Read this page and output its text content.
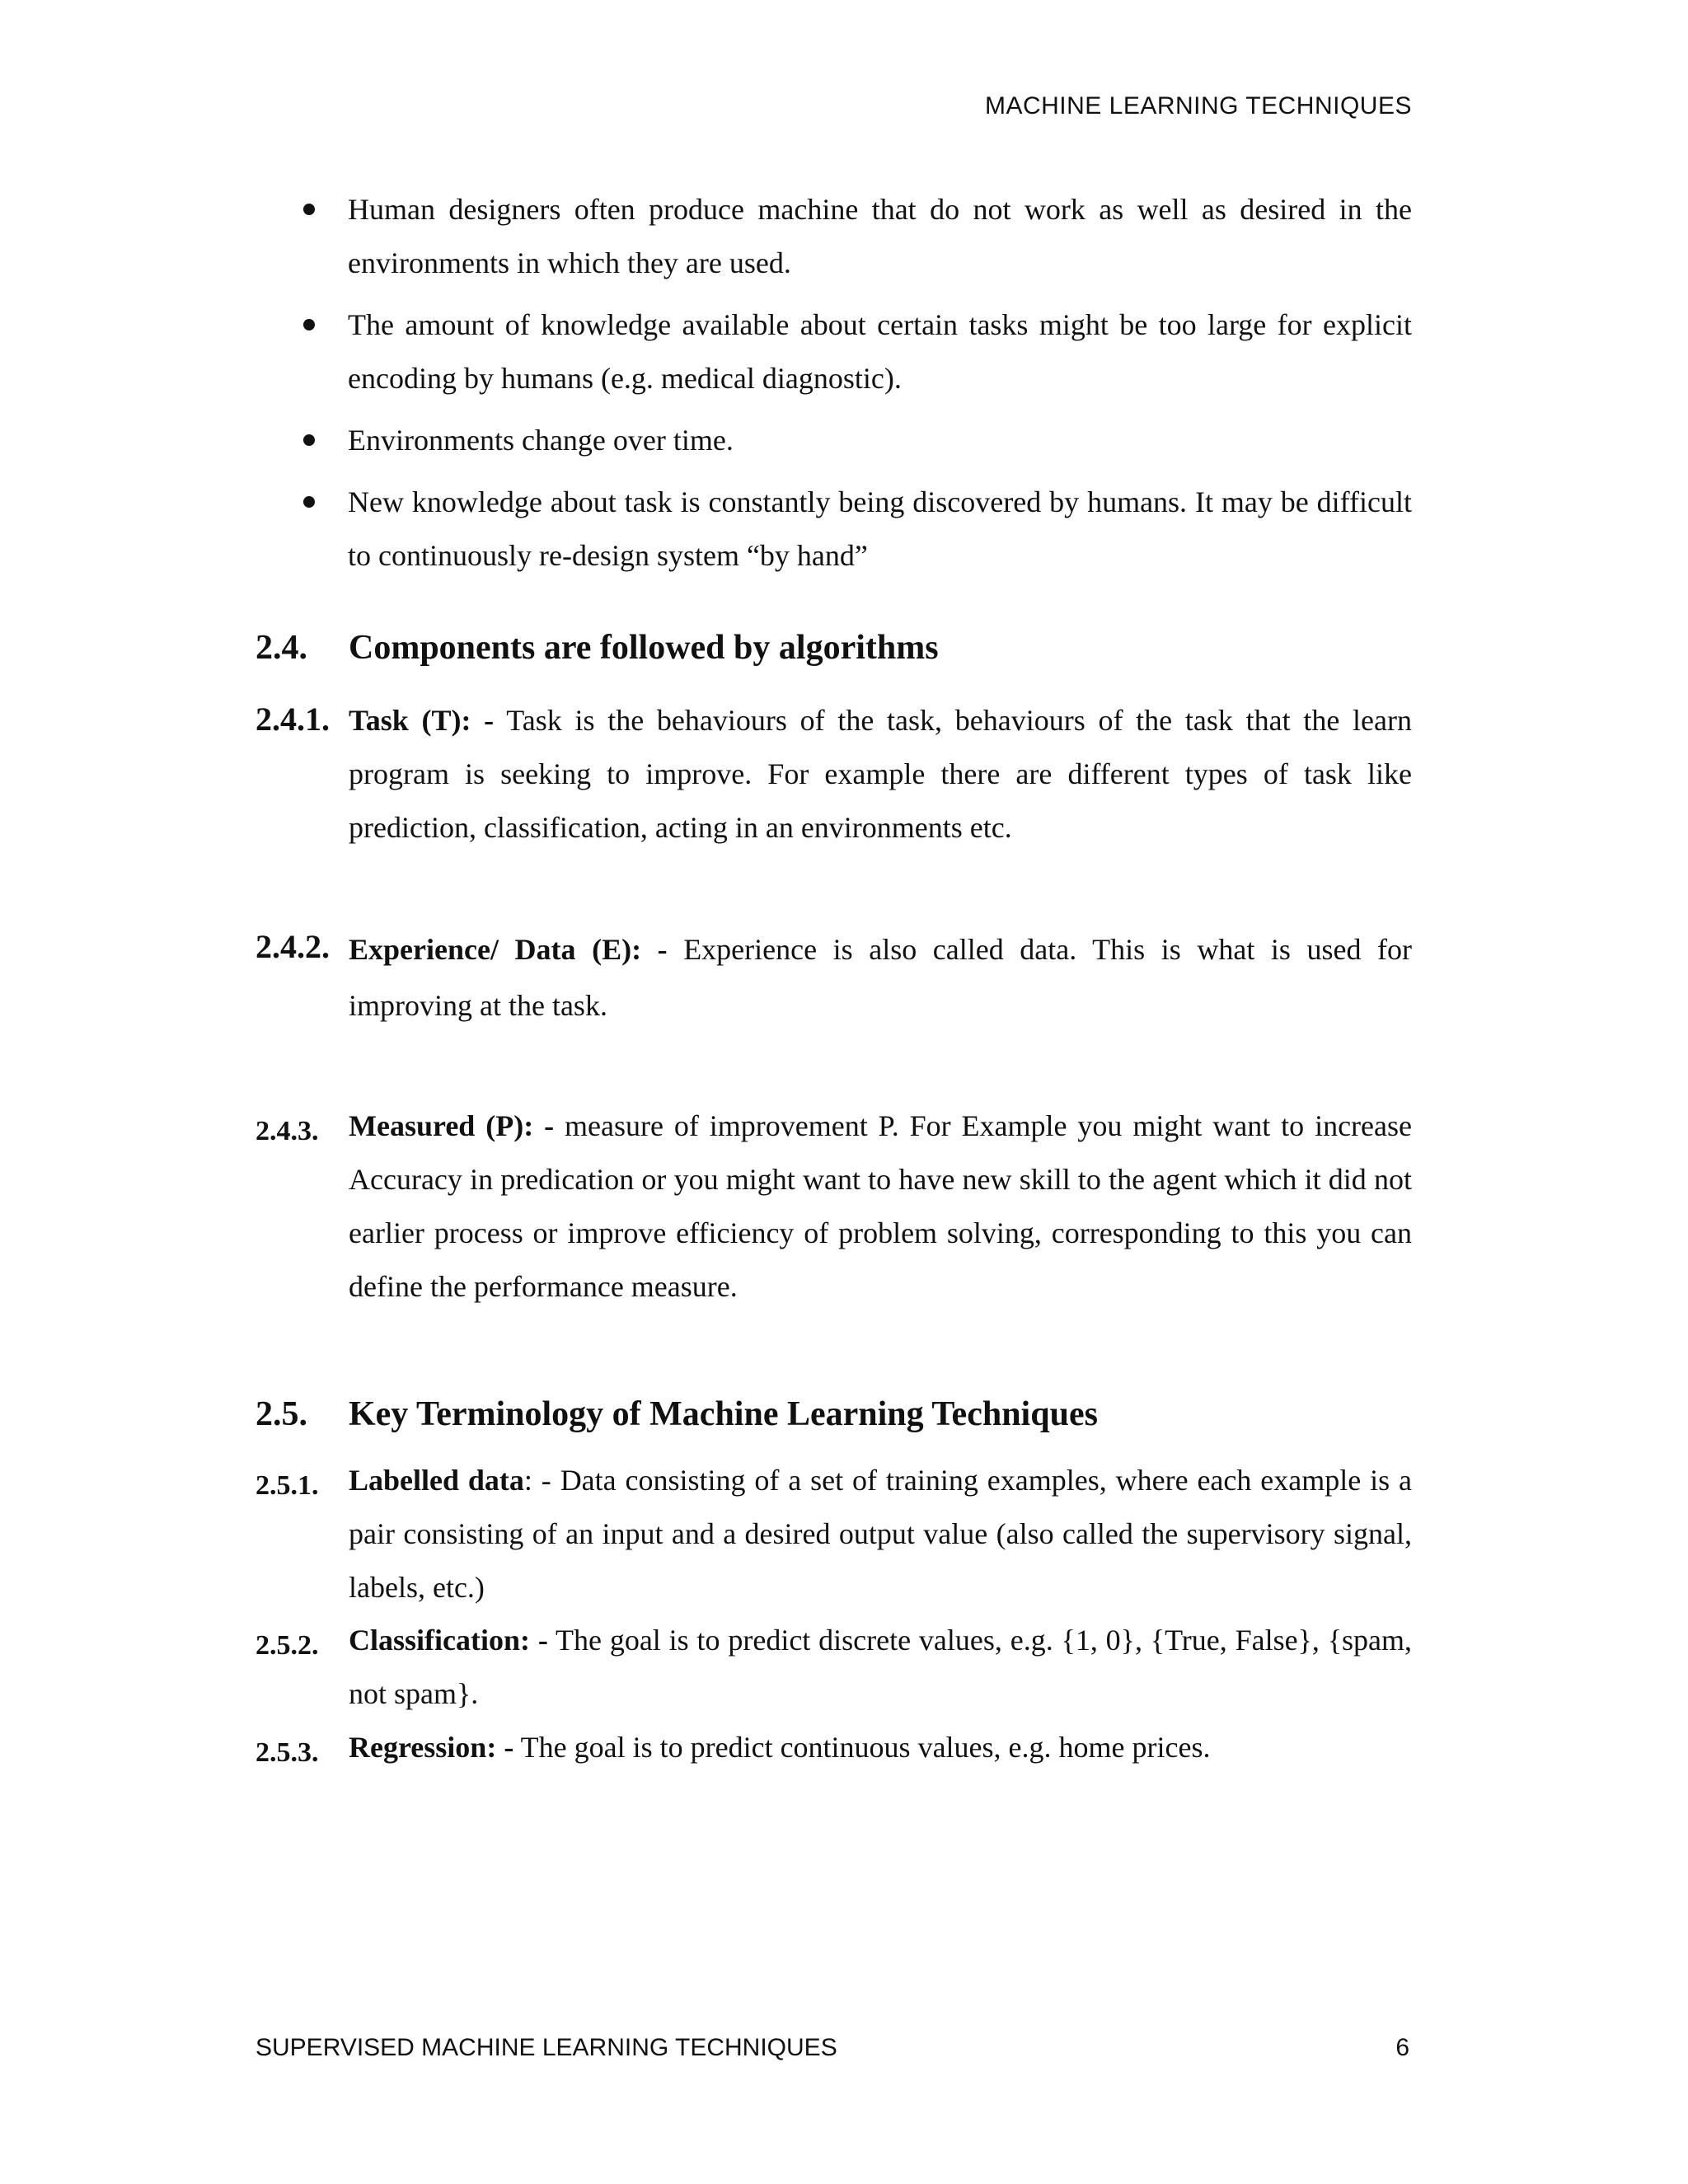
MACHINE LEARNING TECHNIQUES
Human designers often produce machine that do not work as well as desired in the environments in which they are used.
The amount of knowledge available about certain tasks might be too large for explicit encoding by humans (e.g. medical diagnostic).
Environments change over time.
New knowledge about task is constantly being discovered by humans. It may be difficult to continuously re-design system “by hand”
2.4. Components are followed by algorithms
2.4.1. Task (T): - Task is the behaviours of the task, behaviours of the task that the learn program is seeking to improve. For example there are different types of task like prediction, classification, acting in an environments etc.
2.4.2. Experience/ Data (E): - Experience is also called data. This is what is used for improving at the task.
2.4.3. Measured (P): - measure of improvement P. For Example you might want to increase Accuracy in predication or you might want to have new skill to the agent which it did not earlier process or improve efficiency of problem solving, corresponding to this you can define the performance measure.
2.5. Key Terminology of Machine Learning Techniques
2.5.1. Labelled data: - Data consisting of a set of training examples, where each example is a pair consisting of an input and a desired output value (also called the supervisory signal, labels, etc.)
2.5.2. Classification: - The goal is to predict discrete values, e.g. {1, 0}, {True, False}, {spam, not spam}.
2.5.3. Regression: - The goal is to predict continuous values, e.g. home prices.
SUPERVISED MACHINE LEARNING TECHNIQUES	6
